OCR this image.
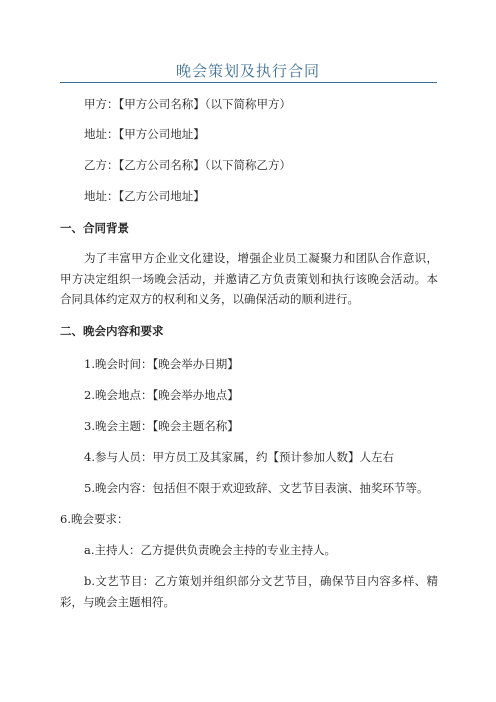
晚会策划及执行合同
甲方：【甲方公司名称】（以下简称甲方）
地址：【甲方公司地址】
乙方：【乙方公司名称】（以下简称乙方）
地址：【乙方公司地址】
一、合同背景
为了丰富甲方企业文化建设，增强企业员工凝聚力和团队合作意识，甲方决定组织一场晚会活动，并邀请乙方负责策划和执行该晚会活动。本合同具体约定双方的权利和义务，以确保活动的顺利进行。
二、晚会内容和要求
1.晚会时间：【晚会举办日期】
2.晚会地点：【晚会举办地点】
3.晚会主题：【晚会主题名称】
4.参与人员：甲方员工及其家属，约【预计参加人数】人左右
5.晚会内容：包括但不限于欢迎致辞、文艺节目表演、抽奖环节等。
6.晚会要求：
a.主持人：乙方提供负责晚会主持的专业主持人。
b.文艺节目：乙方策划并组织部分文艺节目，确保节目内容多样、精彩，与晚会主题相符。
